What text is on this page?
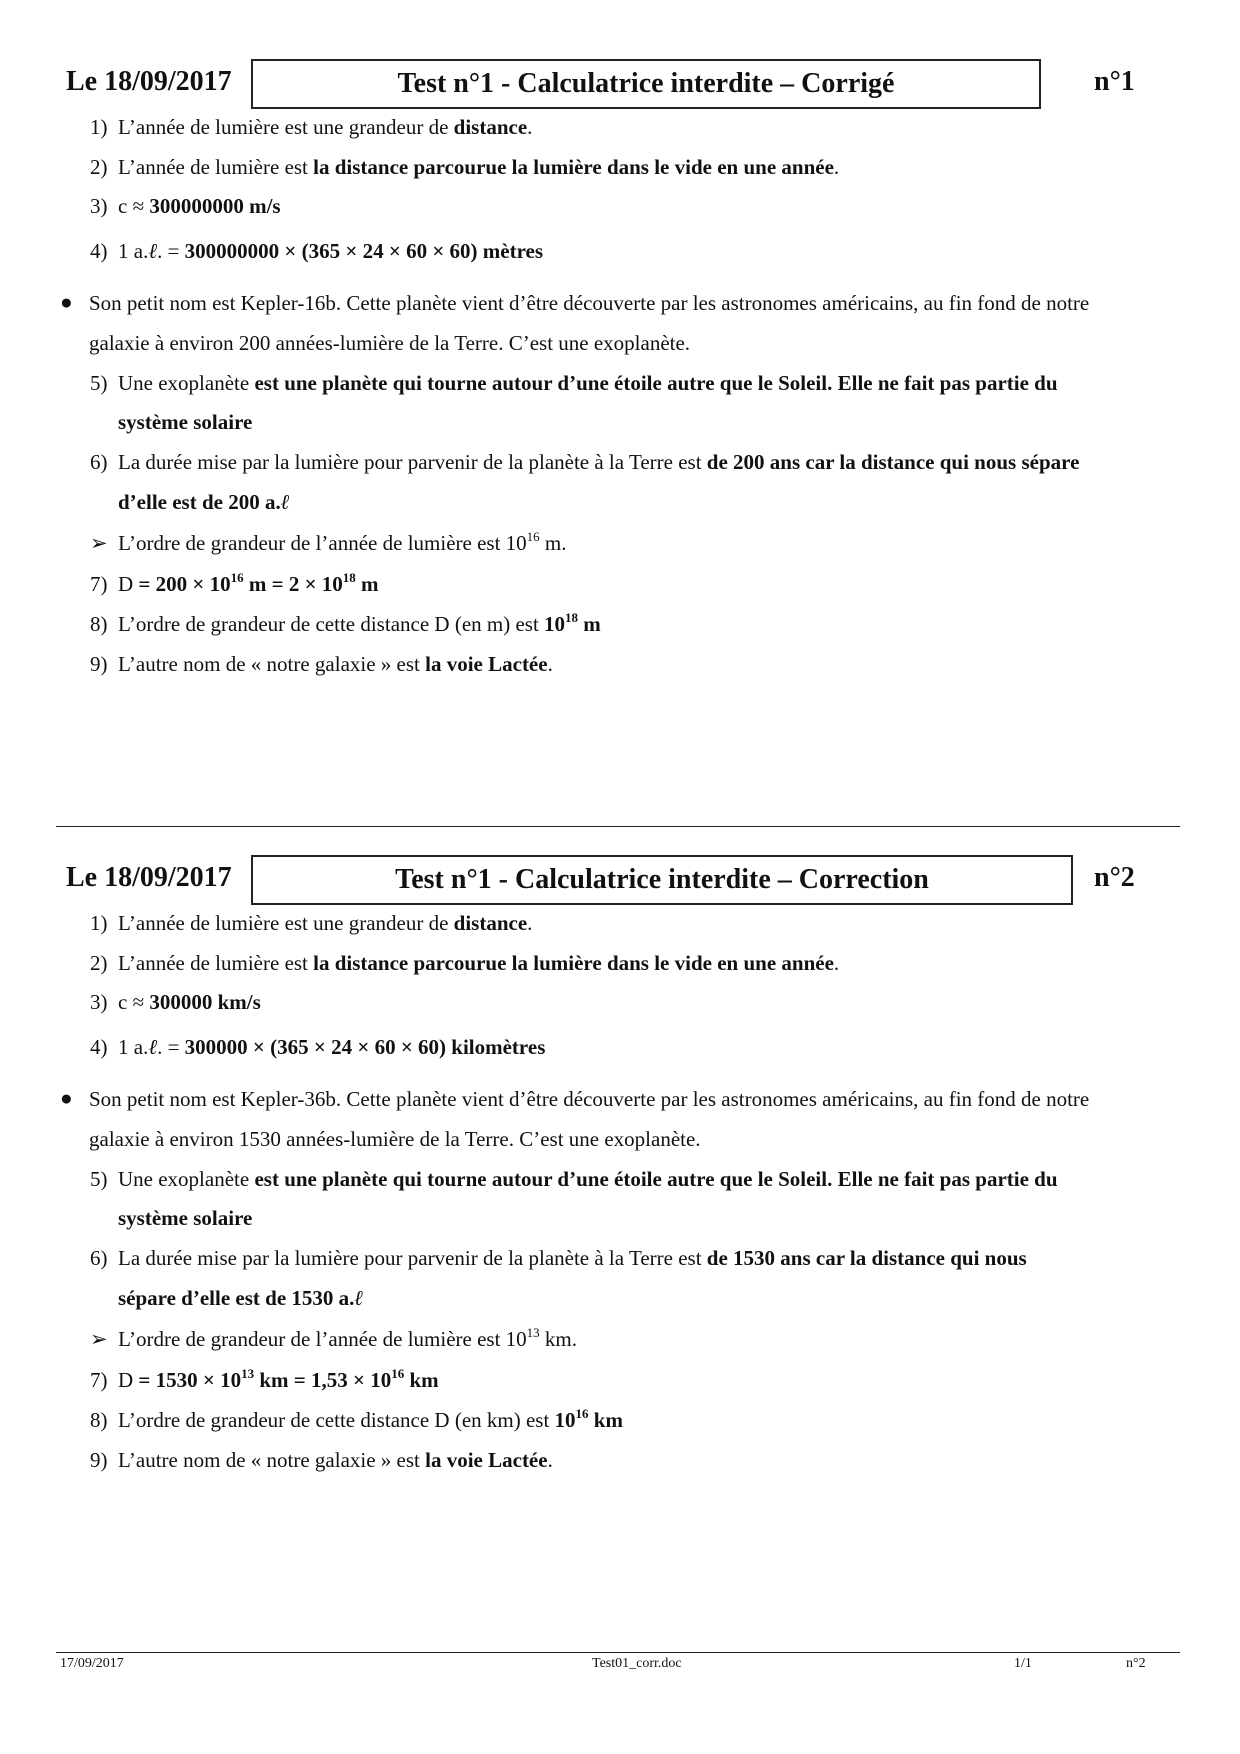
Le 18/09/2017	Test n°1 - Calculatrice interdite – Corrigé	n°1
1) L’année de lumière est une grandeur de distance.
2) L’année de lumière est la distance parcourue la lumière dans le vide en une année.
3) c ≈ 300000000 m/s
4) 1 a.ℓ. = 300000000 × (365 × 24 × 60 × 60) mètres
● Son petit nom est Kepler-16b. Cette planète vient d’être découverte par les astronomes américains, au fin fond de notre
galaxie à environ 200 années-lumière de la Terre. C’est une exoplanète.
5) Une exoplanète est une planète qui tourne autour d’une étoile autre que le Soleil. Elle ne fait pas partie du
système solaire
6) La durée mise par la lumière pour parvenir de la planète à la Terre est de 200 ans car la distance qui nous sépare
d’elle est de 200 a.ℓ
➢ L’ordre de grandeur de l’année de lumière est $10^{16}$ m.
7) $D = 200 \times 10^{16}$ $m = 2 \times 10^{18}$ m
8) L’ordre de grandeur de cette distance D (en m) est $10^{18}$ m
9) L’autre nom de « notre galaxie » est la voie Lactée.
Le 18/09/2017	Test n°1 - Calculatrice interdite – Correction	n°2
1) L’année de lumière est une grandeur de distance.
2) L’année de lumière est la distance parcourue la lumière dans le vide en une année.
3) c ≈ 300000 km/s
4) 1 a.ℓ. = 300000 × (365 × 24 × 60 × 60) kilomètres
● Son petit nom est Kepler-36b. Cette planète vient d’être découverte par les astronomes américains, au fin fond de notre
galaxie à environ 1530 années-lumière de la Terre. C’est une exoplanète.
5) Une exoplanète est une planète qui tourne autour d’une étoile autre que le Soleil. Elle ne fait pas partie du
système solaire
6) La durée mise par la lumière pour parvenir de la planète à la Terre est de 1530 ans car la distance qui nous
sépare d’elle est de 1530 a.ℓ
➢ L’ordre de grandeur de l’année de lumière est $10^{13}$ km.
7) $D = 1530 \times 10^{13}$ km = $1,53 \times 10^{16}$ km
8) L’ordre de grandeur de cette distance D (en km) est $10^{16}$ km
9) L’autre nom de « notre galaxie » est la voie Lactée.
17/09/2017	Test01_corr.doc	1/1	n°2
